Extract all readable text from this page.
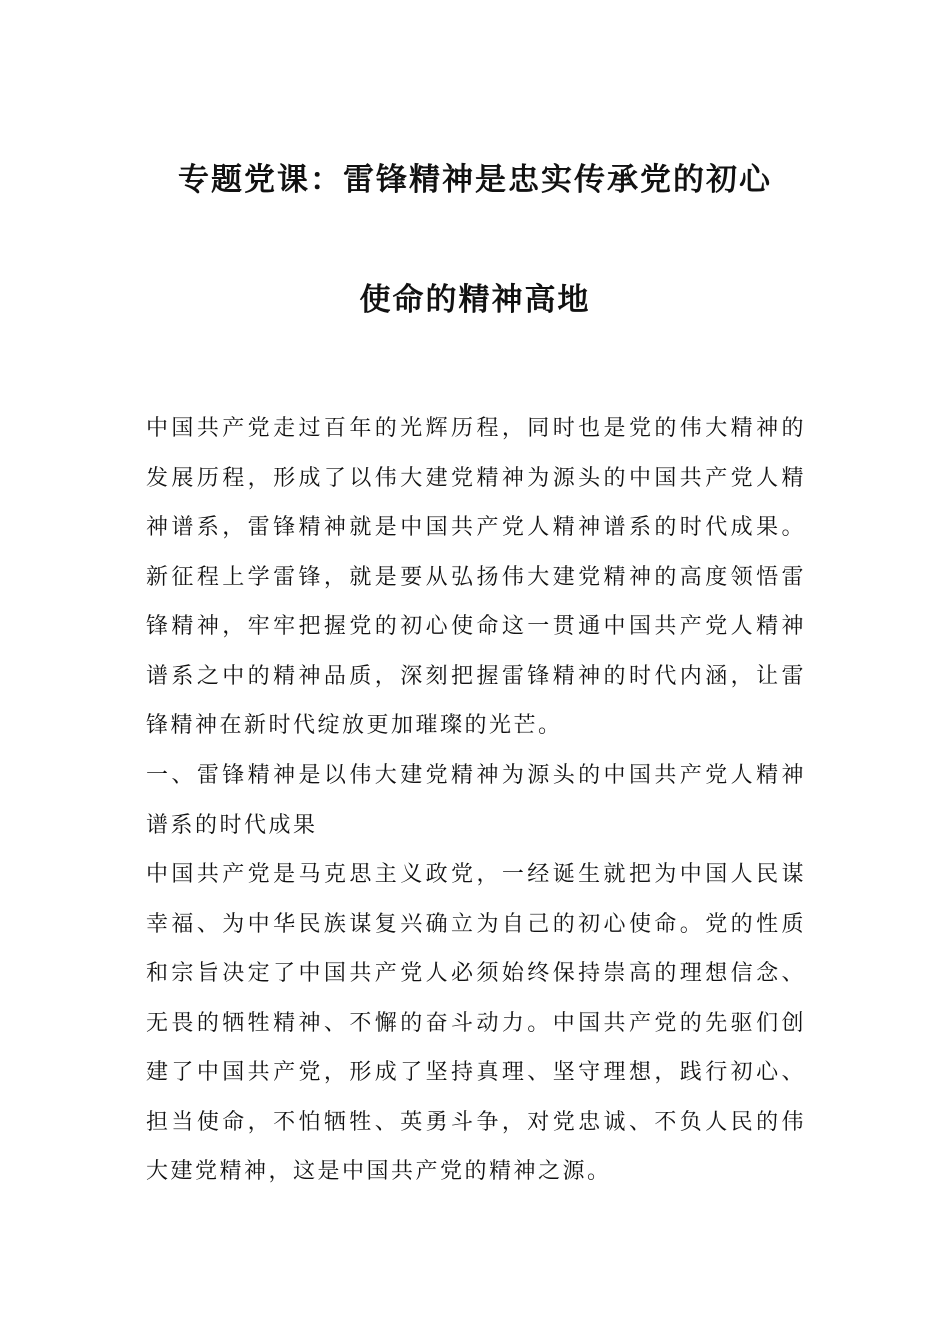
专题党课：雷锋精神是忠实传承党的初心
使命的精神高地

中国共产党走过百年的光辉历程，同时也是党的伟大精神的发展历程，形成了以伟大建党精神为源头的中国共产党人精神谱系，雷锋精神就是中国共产党人精神谱系的时代成果。新征程上学雷锋，就是要从弘扬伟大建党精神的高度领悟雷锋精神，牢牢把握党的初心使命这一贯通中国共产党人精神谱系之中的精神品质，深刻把握雷锋精神的时代内涵，让雷锋精神在新时代绽放更加璀璨的光芒。

一、雷锋精神是以伟大建党精神为源头的中国共产党人精神谱系的时代成果

中国共产党是马克思主义政党，一经诞生就把为中国人民谋幸福、为中华民族谋复兴确立为自己的初心使命。党的性质和宗旨决定了中国共产党人必须始终保持崇高的理想信念、无畏的牺牲精神、不懈的奋斗动力。中国共产党的先驱们创建了中国共产党，形成了坚持真理、坚守理想，践行初心、担当使命，不怕牺牲、英勇斗争，对党忠诚、不负人民的伟大建党精神，这是中国共产党的精神之源。
